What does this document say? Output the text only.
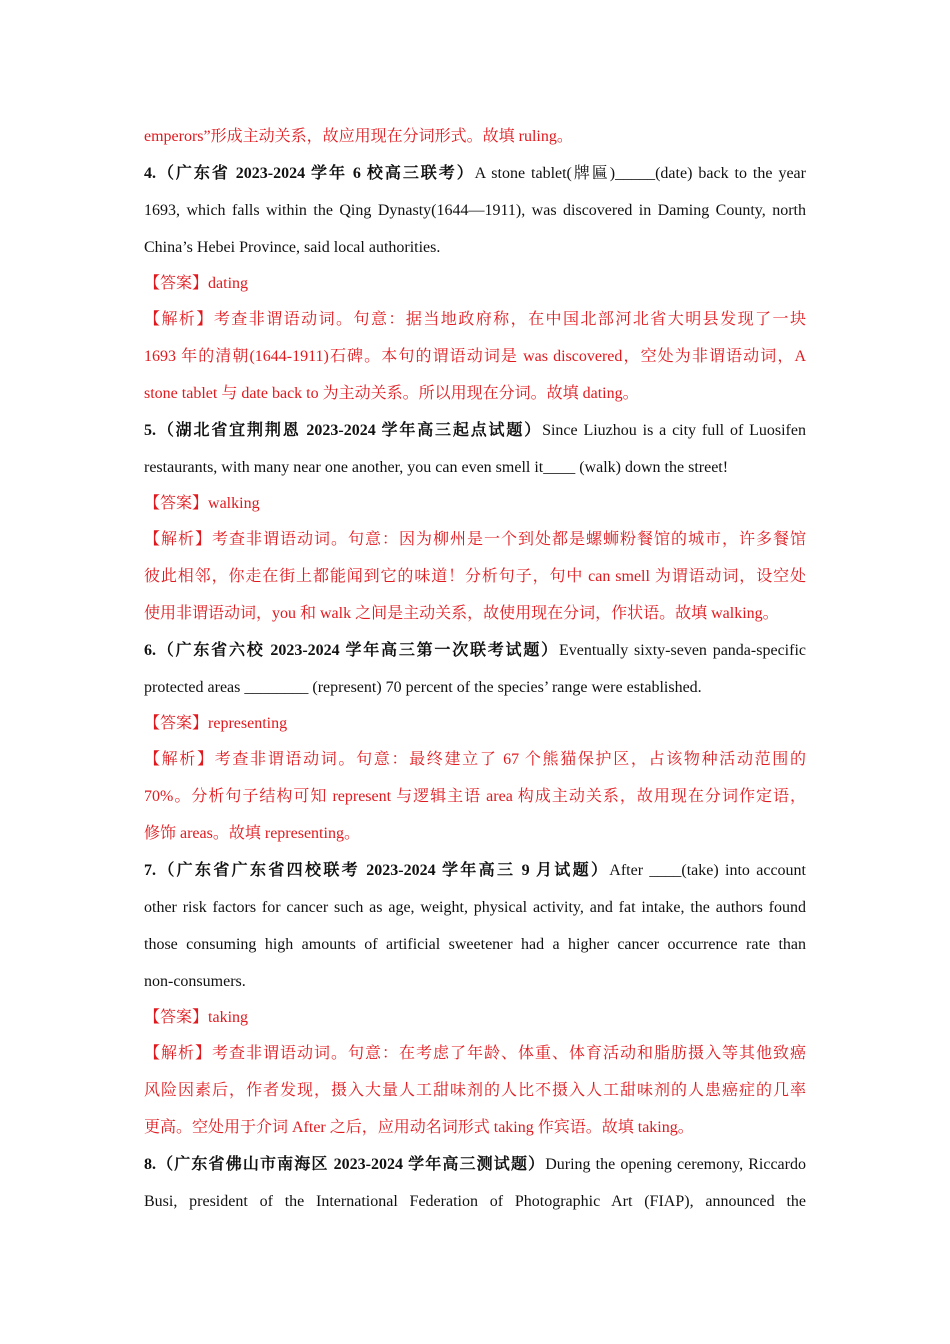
emperors”形成主动关系，故应用现在分词形式。故填 ruling。
4.（广东省 2023-2024 学年 6 校高三联考）A stone tablet(牌匾)_____(date) back to the year
1693, which falls within the Qing Dynasty(1644—1911), was discovered in Daming County, north
China’s Hebei Province, said local authorities.
【答案】dating
【解析】考查非谓语动词。句意：据当地政府称，在中国北部河北省大明县发现了一块
1693 年的清朝(1644-1911)石碑。本句的谓语动词是 was discovered，空处为非谓语动词，A
stone tablet 与 date back to 为主动关系。所以用现在分词。故填 dating。
5.（湖北省宜荆荆恩 2023-2024 学年高三起点试题）Since Liuzhou is a city full of Luosifen
restaurants, with many near one another, you can even smell it____ (walk) down the street!
【答案】walking
【解析】考查非谓语动词。句意：因为柳州是一个到处都是螺蛳粉餐馆的城市，许多餐馆
彼此相邻，你走在街上都能闻到它的味道！分析句子，句中 can smell 为谓语动词，设空处
使用非谓语动词，you 和 walk 之间是主动关系，故使用现在分词，作状语。故填 walking。
6.（广东省六校 2023-2024 学年高三第一次联考试题）Eventually sixty-seven panda-specific
protected areas ________ (represent) 70 percent of the species’ range were established.
【答案】representing
【解析】考查非谓语动词。句意：最终建立了 67 个熊猫保护区，占该物种活动范围的
70%。分析句子结构可知 represent 与逻辑主语 area 构成主动关系，故用现在分词作定语，
修饰 areas。故填 representing。
7.（广东省广东省四校联考 2023-2024 学年高三 9 月试题）After ____(take) into account
other risk factors for cancer such as age, weight, physical activity, and fat intake, the authors found
those consuming high amounts of artificial sweetener had a higher cancer occurrence rate than
non-consumers.
【答案】taking
【解析】考查非谓语动词。句意：在考虑了年龄、体重、体育活动和脂肪摄入等其他致癌
风险因素后，作者发现，摄入大量人工甜味剂的人比不摄入人工甜味剂的人患癌症的几率
更高。空处用于介词 After 之后，应用动名词形式 taking 作宾语。故填 taking。
8.（广东省佛山市南海区 2023-2024 学年高三测试题）During the opening ceremony, Riccardo
Busi, president of the International Federation of Photographic Art (FIAP), announced the
